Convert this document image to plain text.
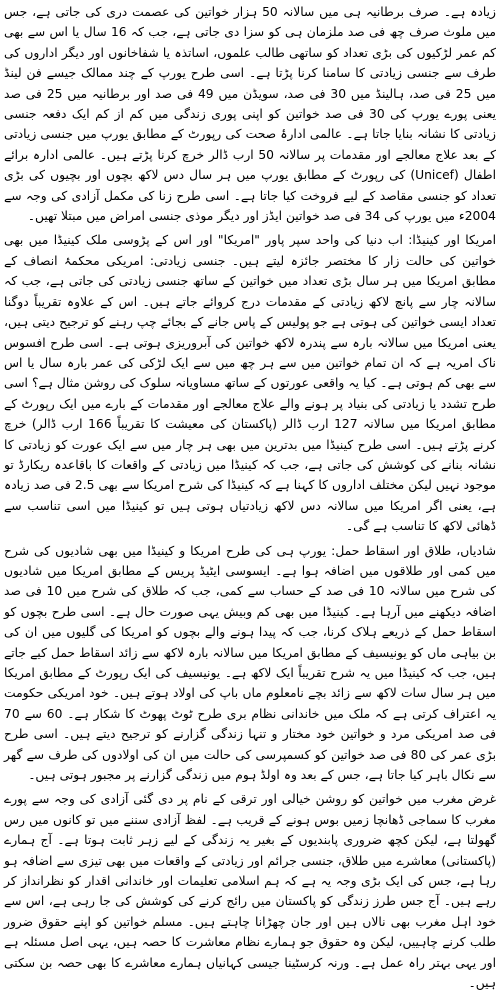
زیادہ ہے۔ صرف برطانیہ ہی میں سالانہ 50 ہزار خواتین کی عصمت دری کی جاتی ہے، جس میں ملوث صرف چھ فی صد ملزمان ہی کو سزا دی جاتی ہے، جب کہ 16 سال یا اس سے بھی کم عمر لڑکیوں کی بڑی تعداد کو ساتھی طالب علموں، اساتذہ یا شفاخانوں اور دیگر اداروں کی طرف سے جنسی زیادتی کا سامنا کرنا پڑتا ہے۔ اسی طرح یورپ کے چند ممالک جیسے فن لینڈ میں 25 فی صد، ہالینڈ میں 30 فی صد، سویڈن میں 49 فی صد اور برطانیہ میں 25 فی صد یعنی پورے یورپ کی 30 فی صد خواتین کو اپنی پوری زندگی میں کم از کم ایک دفعہ جنسی زیادتی کا نشانہ بنایا جاتا ہے۔ عالمی ادارۂ صحت کی رپورٹ کے مطابق یورپ میں جنسی زیادتی کے بعد علاج معالجے اور مقدمات پر سالانہ 50 ارب ڈالر خرچ کرنا پڑتے ہیں۔ عالمی ادارہ برائے اطفال (Unicef) کی رپورٹ کے مطابق یورپ میں ہر سال دس لاکھ بچوں اور بچیوں کی بڑی تعداد کو جنسی مقاصد کے لیے فروخت کیا جاتا ہے۔ اسی طرح زنا کی مکمل آزادی کی وجہ سے 2004ء میں یورپ کی 34 فی صد خواتین ایڈز اور دیگر موذی جنسی امراض میں مبتلا تھیں۔

امریکا اور کینیڈا: اب دنیا کی واحد سپر پاور "امریکا" اور اس کے پڑوسی ملک کینیڈا میں بھی خواتین کی حالت زار کا مختصر جائزہ لیتے ہیں۔ جنسی زیادتی: امریکی محکمۂ انصاف کے مطابق امریکا میں ہر سال بڑی تعداد میں خواتین کے ساتھ جنسی زیادتی کی جاتی ہے، جب کہ سالانہ چار سے پانچ لاکھ زیادتی کے مقدمات درج کروائے جاتے ہیں۔ اس کے علاوہ تقریباً دوگنا تعداد ایسی خواتین کی ہوتی ہے جو پولیس کے پاس جانے کے بجائے چپ رہنے کو ترجیح دیتی ہیں، یعنی امریکا میں سالانہ بارہ سے پندرہ لاکھ خواتین کی آبروریزی ہوتی ہے۔ اسی طرح افسوس ناک امریہ ہے کہ ان تمام خواتین میں سے ہر چھ میں سے ایک لڑکی کی عمر بارہ سال یا اس سے بھی کم ہوتی ہے۔ کیا یہ واقعی عورتوں کے ساتھ مساویانہ سلوک کی روشن مثال ہے؟ اسی طرح تشدد یا زیادتی کی بنیاد پر ہونے والے علاج معالجے اور مقدمات کے بارے میں ایک رپورٹ کے مطابق امریکا میں سالانہ 127 ارب ڈالر (پاکستان کی معیشت کا تقریباً 166 ارب ڈالر) خرچ کرنے پڑتے ہیں۔ اسی طرح کینیڈا میں بدترین میں بھی ہر چار میں سے ایک عورت کو زیادتی کا نشانہ بنانے کی کوشش کی جاتی ہے، جب کہ کینیڈا میں زیادتی کے واقعات کا باقاعدہ ریکارڈ تو موجود نہیں لیکن مختلف اداروں کا کہنا ہے کہ کینیڈا کی شرح امریکا سے بھی 2.5 فی صد زیادہ ہے، یعنی اگر امریکا میں سالانہ دس لاکھ زیادتیاں ہوتی ہیں تو کینیڈا میں اسی تناسب سے ڈھائی لاکھ کا تناسب ہے گی۔

شادیاں، طلاق اور اسقاط حمل: یورپ ہی کی طرح امریکا و کینیڈا میں بھی شادیوں کی شرح میں کمی اور طلاقوں میں اضافہ ہوا ہے۔ ایسوسی ایٹیڈ پریس کے مطابق امریکا میں شادیوں کی شرح میں سالانہ 10 فی صد کے حساب سے کمی، جب کہ طلاق کی شرح میں 10 فی صد اضافہ دیکھنے میں آرہا ہے۔ کینیڈا میں بھی کم وبیش یہی صورت حال ہے۔ اسی طرح بچوں کو اسقاط حمل کے ذریعے ہلاک کرنا، جب کہ پیدا ہونے والے بچوں کو امریکا کی گلیوں میں ان کی بن بیاہی ماں کو یونیسیف کے مطابق امریکا میں سالانہ بارہ لاکھ سے زائد اسقاط حمل کیے جاتے ہیں، جب کہ کینیڈا میں یہ شرح تقریباً ایک لاکھ ہے۔ یونیسیف کی ایک رپورٹ کے مطابق امریکا میں ہر سال سات لاکھ سے زائد بچے نامعلوم ماں باپ کی اولاد ہوتے ہیں۔ خود امریکی حکومت یہ اعتراف کرتی ہے کہ ملک میں خاندانی نظام بری طرح ٹوٹ پھوٹ کا شکار ہے۔ 60 سے 70 فی صد امریکی مرد و خواتین خود مختار و تنہا زندگی گزارنے کو ترجیح دیتے ہیں۔ اسی طرح بڑی عمر کی 80 فی صد خواتین کو کسمپرسی کی حالت میں ان کی اولادوں کی طرف سے گھر سے نکال باہر کیا جاتا ہے، جس کے بعد وہ اولڈ ہوم میں زندگی گزارنے پر مجبور ہوتی ہیں۔

غرض مغرب میں خواتین کو روشن خیالی اور ترقی کے نام پر دی گئی آزادی کی وجہ سے پورے مغرب کا سماجی ڈھانچا زمیں بوس ہونے کے قریب ہے۔ لفظ آزادی سننے میں تو کانوں میں رس گھولتا ہے، لیکن کچھ ضروری پابندیوں کے بغیر یہ زندگی کے لیے زہر ثابت ہوتا ہے۔ آج ہمارے (پاکستانی) معاشرے میں طلاق، جنسی جرائم اور زیادتی کے واقعات میں بھی تیزی سے اضافہ ہو رہا ہے، جس کی ایک بڑی وجہ یہ ہے کہ ہم اسلامی تعلیمات اور خاندانی اقدار کو نظرانداز کر رہے ہیں۔ آج جس طرز زندگی کو پاکستان میں رائج کرنے کی کوشش کی جا رہی ہے، اس سے خود اہل مغرب بھی نالاں ہیں اور جان چھڑانا چاہتے ہیں۔ مسلم خواتین کو اپنے حقوق ضرور طلب کرنے چاہییں، لیکن وہ حقوق جو ہمارے نظام معاشرت کا حصہ ہیں، یہی اصل مسئلہ ہے اور یہی بہتر راہ عمل ہے۔ ورنہ کرسٹینا جیسی کہانیاں ہمارے معاشرے کا بھی حصہ بن سکتی ہیں۔
